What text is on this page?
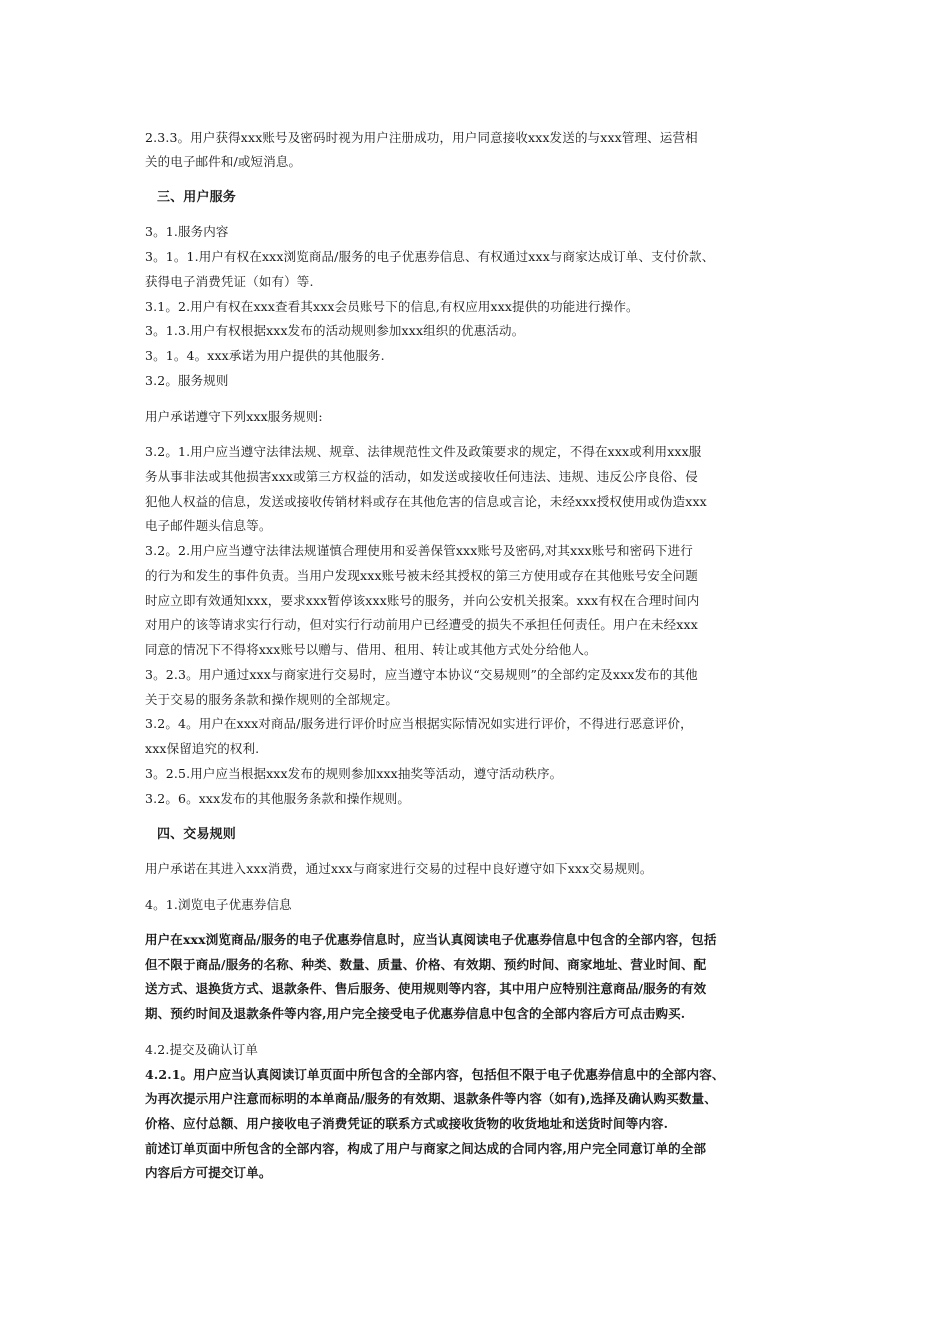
2.3.3。用户获得xxx账号及密码时视为用户注册成功，用户同意接收xxx发送的与xxx管理、运营相
关的电子邮件和/或短消息。
三、用户服务
3。1.服务内容
3。1。1.用户有权在xxx浏览商品/服务的电子优惠券信息、有权通过xxx与商家达成订单、支付价款、
获得电子消费凭证（如有）等.
3.1。2.用户有权在xxx查看其xxx会员账号下的信息,有权应用xxx提供的功能进行操作。
3。1.3.用户有权根据xxx发布的活动规则参加xxx组织的优惠活动。
3。1。4。xxx承诺为用户提供的其他服务.
3.2。服务规则
用户承诺遵守下列xxx服务规则:
3.2。1.用户应当遵守法律法规、规章、法律规范性文件及政策要求的规定，不得在xxx或利用xxx服
务从事非法或其他损害xxx或第三方权益的活动，如发送或接收任何违法、违规、违反公序良俗、侵
犯他人权益的信息，发送或接收传销材料或存在其他危害的信息或言论，未经xxx授权使用或伪造xxx
电子邮件题头信息等。
3.2。2.用户应当遵守法律法规谨慎合理使用和妥善保管xxx账号及密码,对其xxx账号和密码下进行
的行为和发生的事件负责。当用户发现xxx账号被未经其授权的第三方使用或存在其他账号安全问题
时应立即有效通知xxx，要求xxx暂停该xxx账号的服务，并向公安机关报案。xxx有权在合理时间内
对用户的该等请求实行行动，但对实行行动前用户已经遭受的损失不承担任何责任。用户在未经xxx
同意的情况下不得将xxx账号以赠与、借用、租用、转让或其他方式处分给他人。
3。2.3。用户通过xxx与商家进行交易时，应当遵守本协议“交易规则”的全部约定及xxx发布的其他
关于交易的服务条款和操作规则的全部规定。
3.2。4。用户在xxx对商品/服务进行评价时应当根据实际情况如实进行评价，不得进行恶意评价，
xxx保留追究的权利.
3。2.5.用户应当根据xxx发布的规则参加xxx抽奖等活动，遵守活动秩序。
3.2。6。xxx发布的其他服务条款和操作规则。
四、交易规则
用户承诺在其进入xxx消费，通过xxx与商家进行交易的过程中良好遵守如下xxx交易规则。
4。1.浏览电子优惠券信息
用户在xxx浏览商品/服务的电子优惠券信息时，应当认真阅读电子优惠券信息中包含的全部内容，包括
但不限于商品/服务的名称、种类、数量、质量、价格、有效期、预约时间、商家地址、营业时间、配
送方式、退换货方式、退款条件、售后服务、使用规则等内容，其中用户应特别注意商品/服务的有效
期、预约时间及退款条件等内容,用户完全接受电子优惠券信息中包含的全部内容后方可点击购买.
4.2.提交及确认订单
4.2.1。用户应当认真阅读订单页面中所包含的全部内容，包括但不限于电子优惠券信息中的全部内容、
为再次提示用户注意而标明的本单商品/服务的有效期、退款条件等内容（如有),选择及确认购买数量、
价格、应付总额、用户接收电子消费凭证的联系方式或接收货物的收货地址和送货时间等内容.
前述订单页面中所包含的全部内容，构成了用户与商家之间达成的合同内容,用户完全同意订单的全部
内容后方可提交订单。
